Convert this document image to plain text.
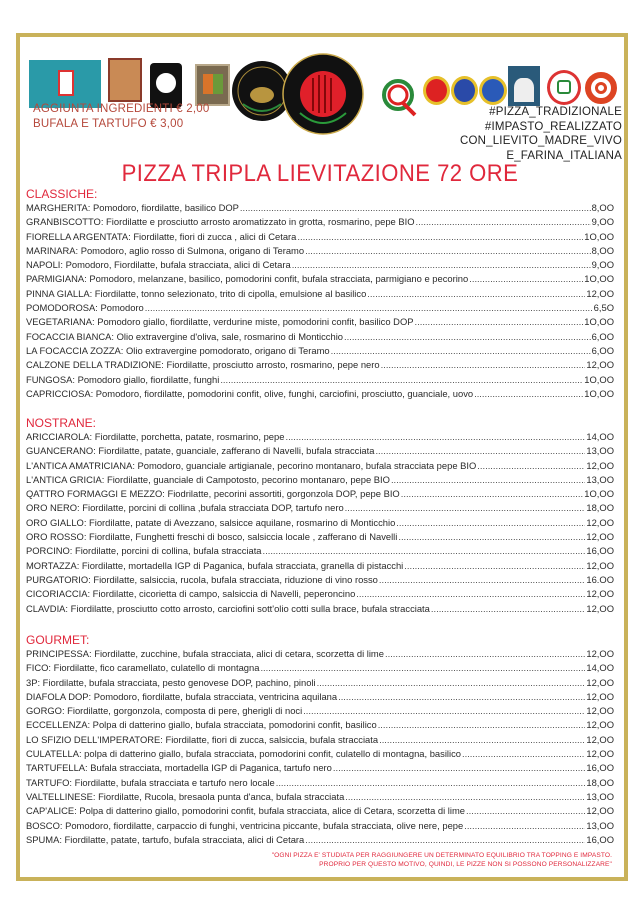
AGGIUNTA INGREDIENTI € 2,00
BUFALA E TARTUFO € 3,00
#PIZZA_TRADIZIONALE
#IMPASTO_REALIZZATO
CON_LIEVITO_MADRE_VIVO
E_FARINA_ITALIANA
PIZZA TRIPLA LIEVITAZIONE 72 ORE
CLASSICHE:
MARGHERITA: Pomodoro, fiordilatte, basilico DOP .....	8,OO
GRANBISCOTTO: Fiordilatte e prosciutto arrosto aromatizzato in grotta, rosmarino, pepe BIO .....	9,OO
FIORELLA ARGENTATA: Fiordilatte, fiori di zucca , alici di Cetara .....	1O,OO
MARINARA: Pomodoro, aglio rosso di Sulmona, origano di Teramo .....	8,OO
NAPOLI: Pomodoro, Fiordilatte, bufala stracciata, alici di Cetara .....	9,OO
PARMIGIANA: Pomodoro, melanzane, basilico, pomodorini confit, bufala stracciata, parmigiano e pecorino .....	1O,OO
PINNA GIALLA: Fiordilatte, tonno selezionato, trito di cipolla, emulsione al basilico .....	12,OO
POMODOROSA: Pomodoro .....	6,5O
VEGETARIANA: Pomodoro giallo, fiordilatte, verdurine miste, pomodorini confit, basilico DOP .....	1O,OO
FOCACCIA BIANCA: Olio extravergine d'oliva, sale, rosmarino di Monticchio .....	6,OO
LA FOCACCIA ZOZZA: Olio extravergine pomodorato, origano di Teramo .....	6,OO
CALZONE DELLA TRADIZIONE: Fiordilatte, prosciutto arrosto, rosmarino, pepe nero .....	12,OO
FUNGOSA: Pomodoro giallo, fiordilatte, funghi .....	1O,OO
CAPRICCIOSA: Pomodoro, fiordilatte, pomodorini confit, olive, funghi, carciofini, prosciutto, guanciale, uovo .....	1O,OO
NOSTRANE:
ARICCIAROLA: Fiordilatte, porchetta, patate, rosmarino, pepe .....	14,OO
GUANCERANO: Fiordilatte, patate, guanciale, zafferano di Navelli, bufala stracciata .....	13,OO
L'ANTICA AMATRICIANA: Pomodoro, guanciale artigianale, pecorino montanaro, bufala stracciata pepe BIO .....	12,OO
L'ANTICA GRICIA: Fiordilatte, guanciale di Campotosto, pecorino montanaro, pepe BIO .....	13,OO
QATTRO FORMAGGI E MEZZO: Fiodrilatte, pecorini assortiti, gorgonzola DOP, pepe BIO .....	1O,OO
ORO NERO: Fiordilatte, porcini di collina ,bufala stracciata DOP, tartufo nero .....	18,OO
ORO GIALLO: Fiordilatte, patate di Avezzano, salsicce aquilane, rosmarino di Monticchio .....	12,OO
ORO ROSSO: Fiordilatte, Funghetti freschi di bosco, salsiccia locale , zafferano di Navelli .....	12,OO
PORCINO: Fiordilatte, porcini di collina, bufala stracciata .....	16,OO
MORTAZZA: Fiordilatte, mortadella IGP di Paganica, bufala stracciata, granella di pistacchi .....	12,OO
PURGATORIO: Fiordilatte, salsiccia, rucola, bufala stracciata, riduzione di vino rosso .....	16.OO
CICORIACCIA: Fiordilatte, cicorietta di campo, salsiccia di Navelli, peperoncino .....	12,OO
CLAVDIA: Fiordilatte, prosciutto cotto arrosto, carciofini sott'olio cotti sulla brace, bufala stracciata .....	12,OO
GOURMET:
PRINCIPESSA: Fiordilatte, zucchine, bufala stracciata, alici di cetara, scorzetta di lime .....	12,OO
FICO: Fiordilatte, fico caramellato, culatello di montagna .....	14,OO
3P: Fiordilatte, bufala stracciata, pesto genovese DOP, pachino, pinoli .....	12,OO
DIAFOLA DOP: Pomodoro, fiordilatte, bufala stracciata, ventricina aquilana .....	12,OO
GORGO: Fiordilatte, gorgonzola, composta di pere, gherigli di noci .....	12,OO
ECCELLENZA: Polpa di datterino giallo, bufala stracciata, pomodorini confit, basilico .....	12,OO
LO SFIZIO DELL'IMPERATORE: Fiordilatte, fiori di zucca, salsiccia, bufala stracciata .....	12,OO
CULATELLA: polpa di datterino giallo, bufala stracciata, pomodorini confit, culatello di montagna, basilico .....	12,OO
TARTUFELLA: Bufala stracciata, mortadella IGP di Paganica, tartufo nero .....	16,OO
TARTUFO: Fiordilatte, bufala stracciata e tartufo nero locale .....	18,OO
VALTELLINESE: Fiordilatte, Rucola, bresaola punta d'anca, bufala stracciata .....	13,OO
CAP'ALICE: Polpa di datterino giallo, pomodorini confit, bufala stracciata, alice di Cetara, scorzetta di lime .....	12,OO
BOSCO: Pomodoro, fiordilatte, carpaccio di funghi, ventricina piccante, bufala stracciata, olive nere, pepe .....	13,OO
SPUMA: Fiordilatte, patate, tartufo, bufala stracciata, alici di Cetara .....	16,OO
"OGNI PIZZA E' STUDIATA PER RAGGIUNGERE UN DETERMINATO EQUILIBRIO TRA TOPPING E IMPASTO.
PROPRIO PER QUESTO MOTIVO, QUINDI, LE PIZZE NON SI POSSONO PERSONALIZZARE"
